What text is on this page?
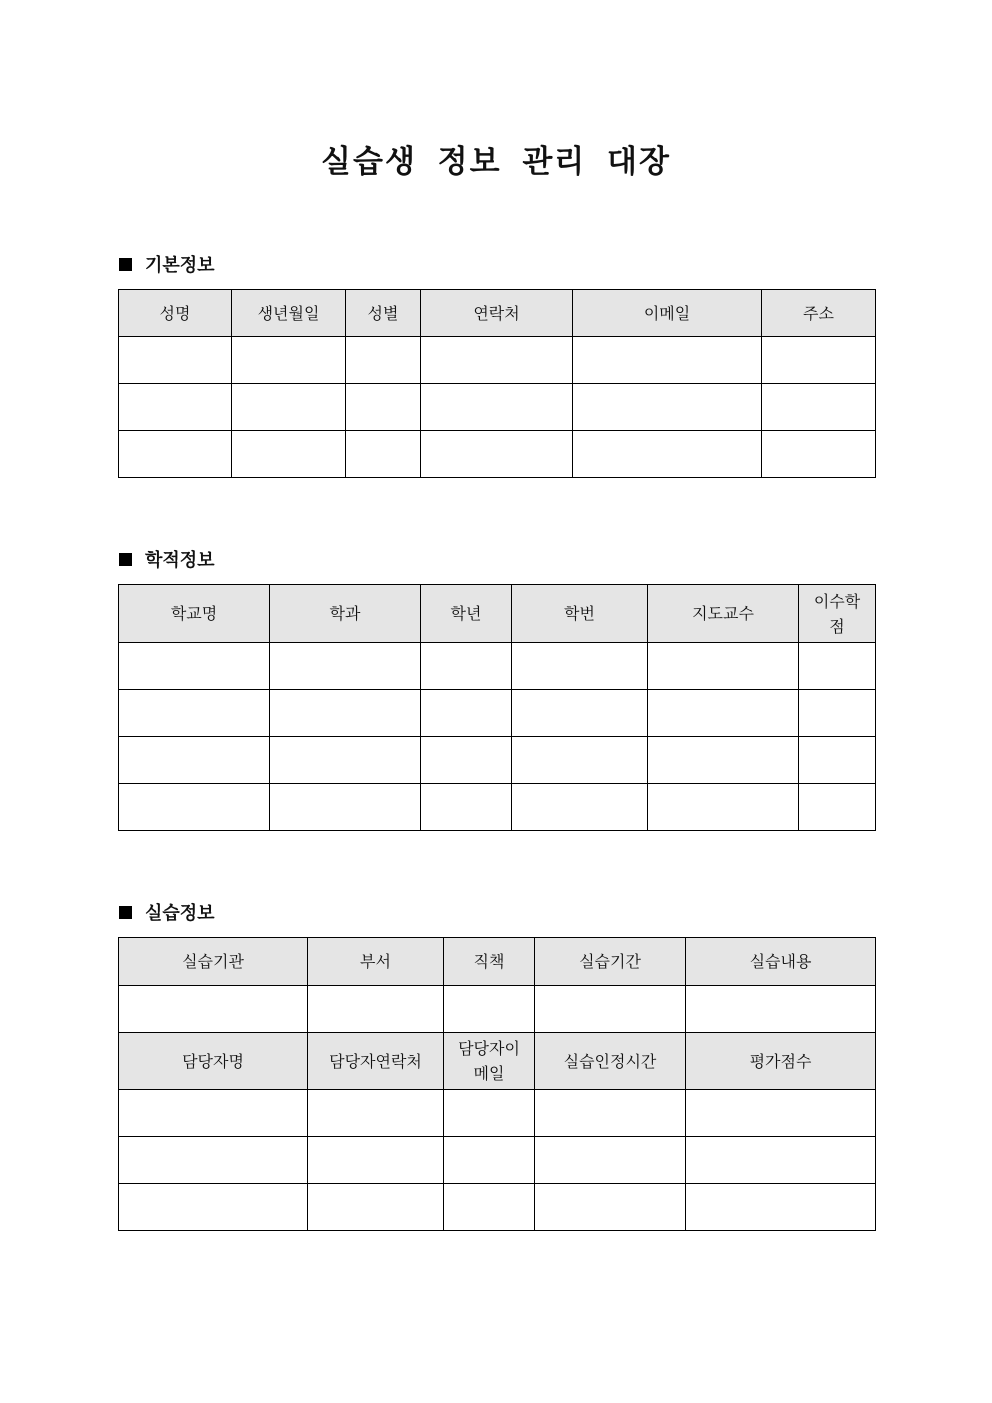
실습생 정보 관리 대장
기본정보
성명	생년월일	성별	연락처	이메일	주소

학적정보
학교명	학과	학년	학번	지도교수	이수학점

실습정보
실습기관	부서	직책	실습기간	실습내용

담당자명	담당자연락처	담당자이메일	실습인정시간	평가점수
